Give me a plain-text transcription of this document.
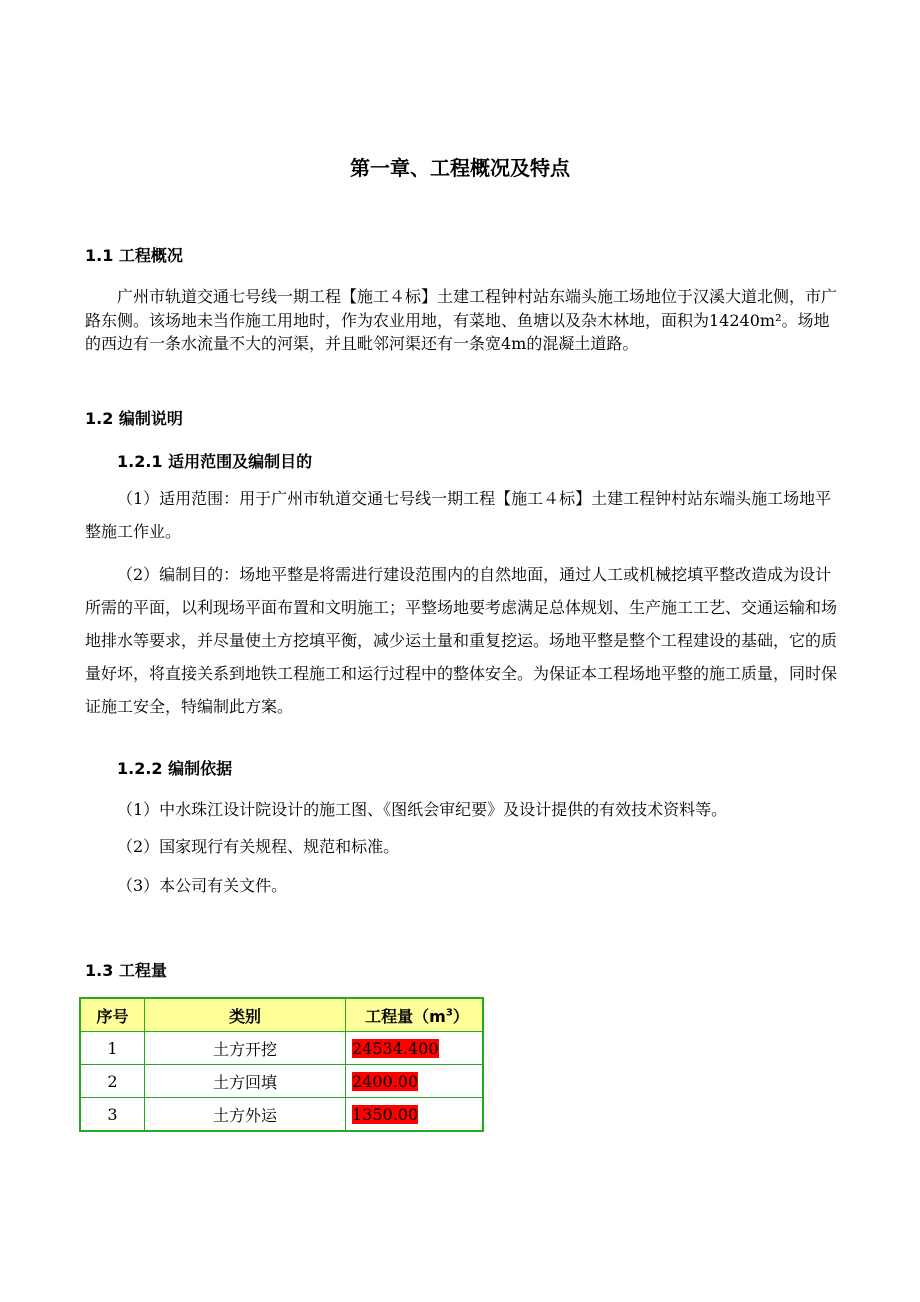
第一章、工程概况及特点
1.1 工程概况
广州市轨道交通七号线一期工程【施工４标】土建工程钟村站东端头施工场地位于汉溪大道北侧，市广路东侧。该场地未当作施工用地时，作为农业用地，有菜地、鱼塘以及杂木林地，面积为14240m²。场地的西边有一条水流量不大的河渠，并且毗邻河渠还有一条宽4m的混凝土道路。
1.2 编制说明
1.2.1 适用范围及编制目的
（1）适用范围：用于广州市轨道交通七号线一期工程【施工４标】土建工程钟村站东端头施工场地平整施工作业。
（2）编制目的：场地平整是将需进行建设范围内的自然地面，通过人工或机械挖填平整改造成为设计所需的平面，以利现场平面布置和文明施工；平整场地要考虑满足总体规划、生产施工工艺、交通运输和场地排水等要求，并尽量使土方挖填平衡，减少运土量和重复挖运。场地平整是整个工程建设的基础，它的质量好坏，将直接关系到地铁工程施工和运行过程中的整体安全。为保证本工程场地平整的施工质量，同时保证施工安全，特编制此方案。
1.2.2 编制依据
（1）中水珠江设计院设计的施工图、《图纸会审纪要》及设计提供的有效技术资料等。
（2）国家现行有关规程、规范和标准。
（3）本公司有关文件。
1.3 工程量
序号	类别	工程量$(m^3)$
1	土方开挖	24534.400
2	土方回填	2400.00
3	土方外运	1350.00
